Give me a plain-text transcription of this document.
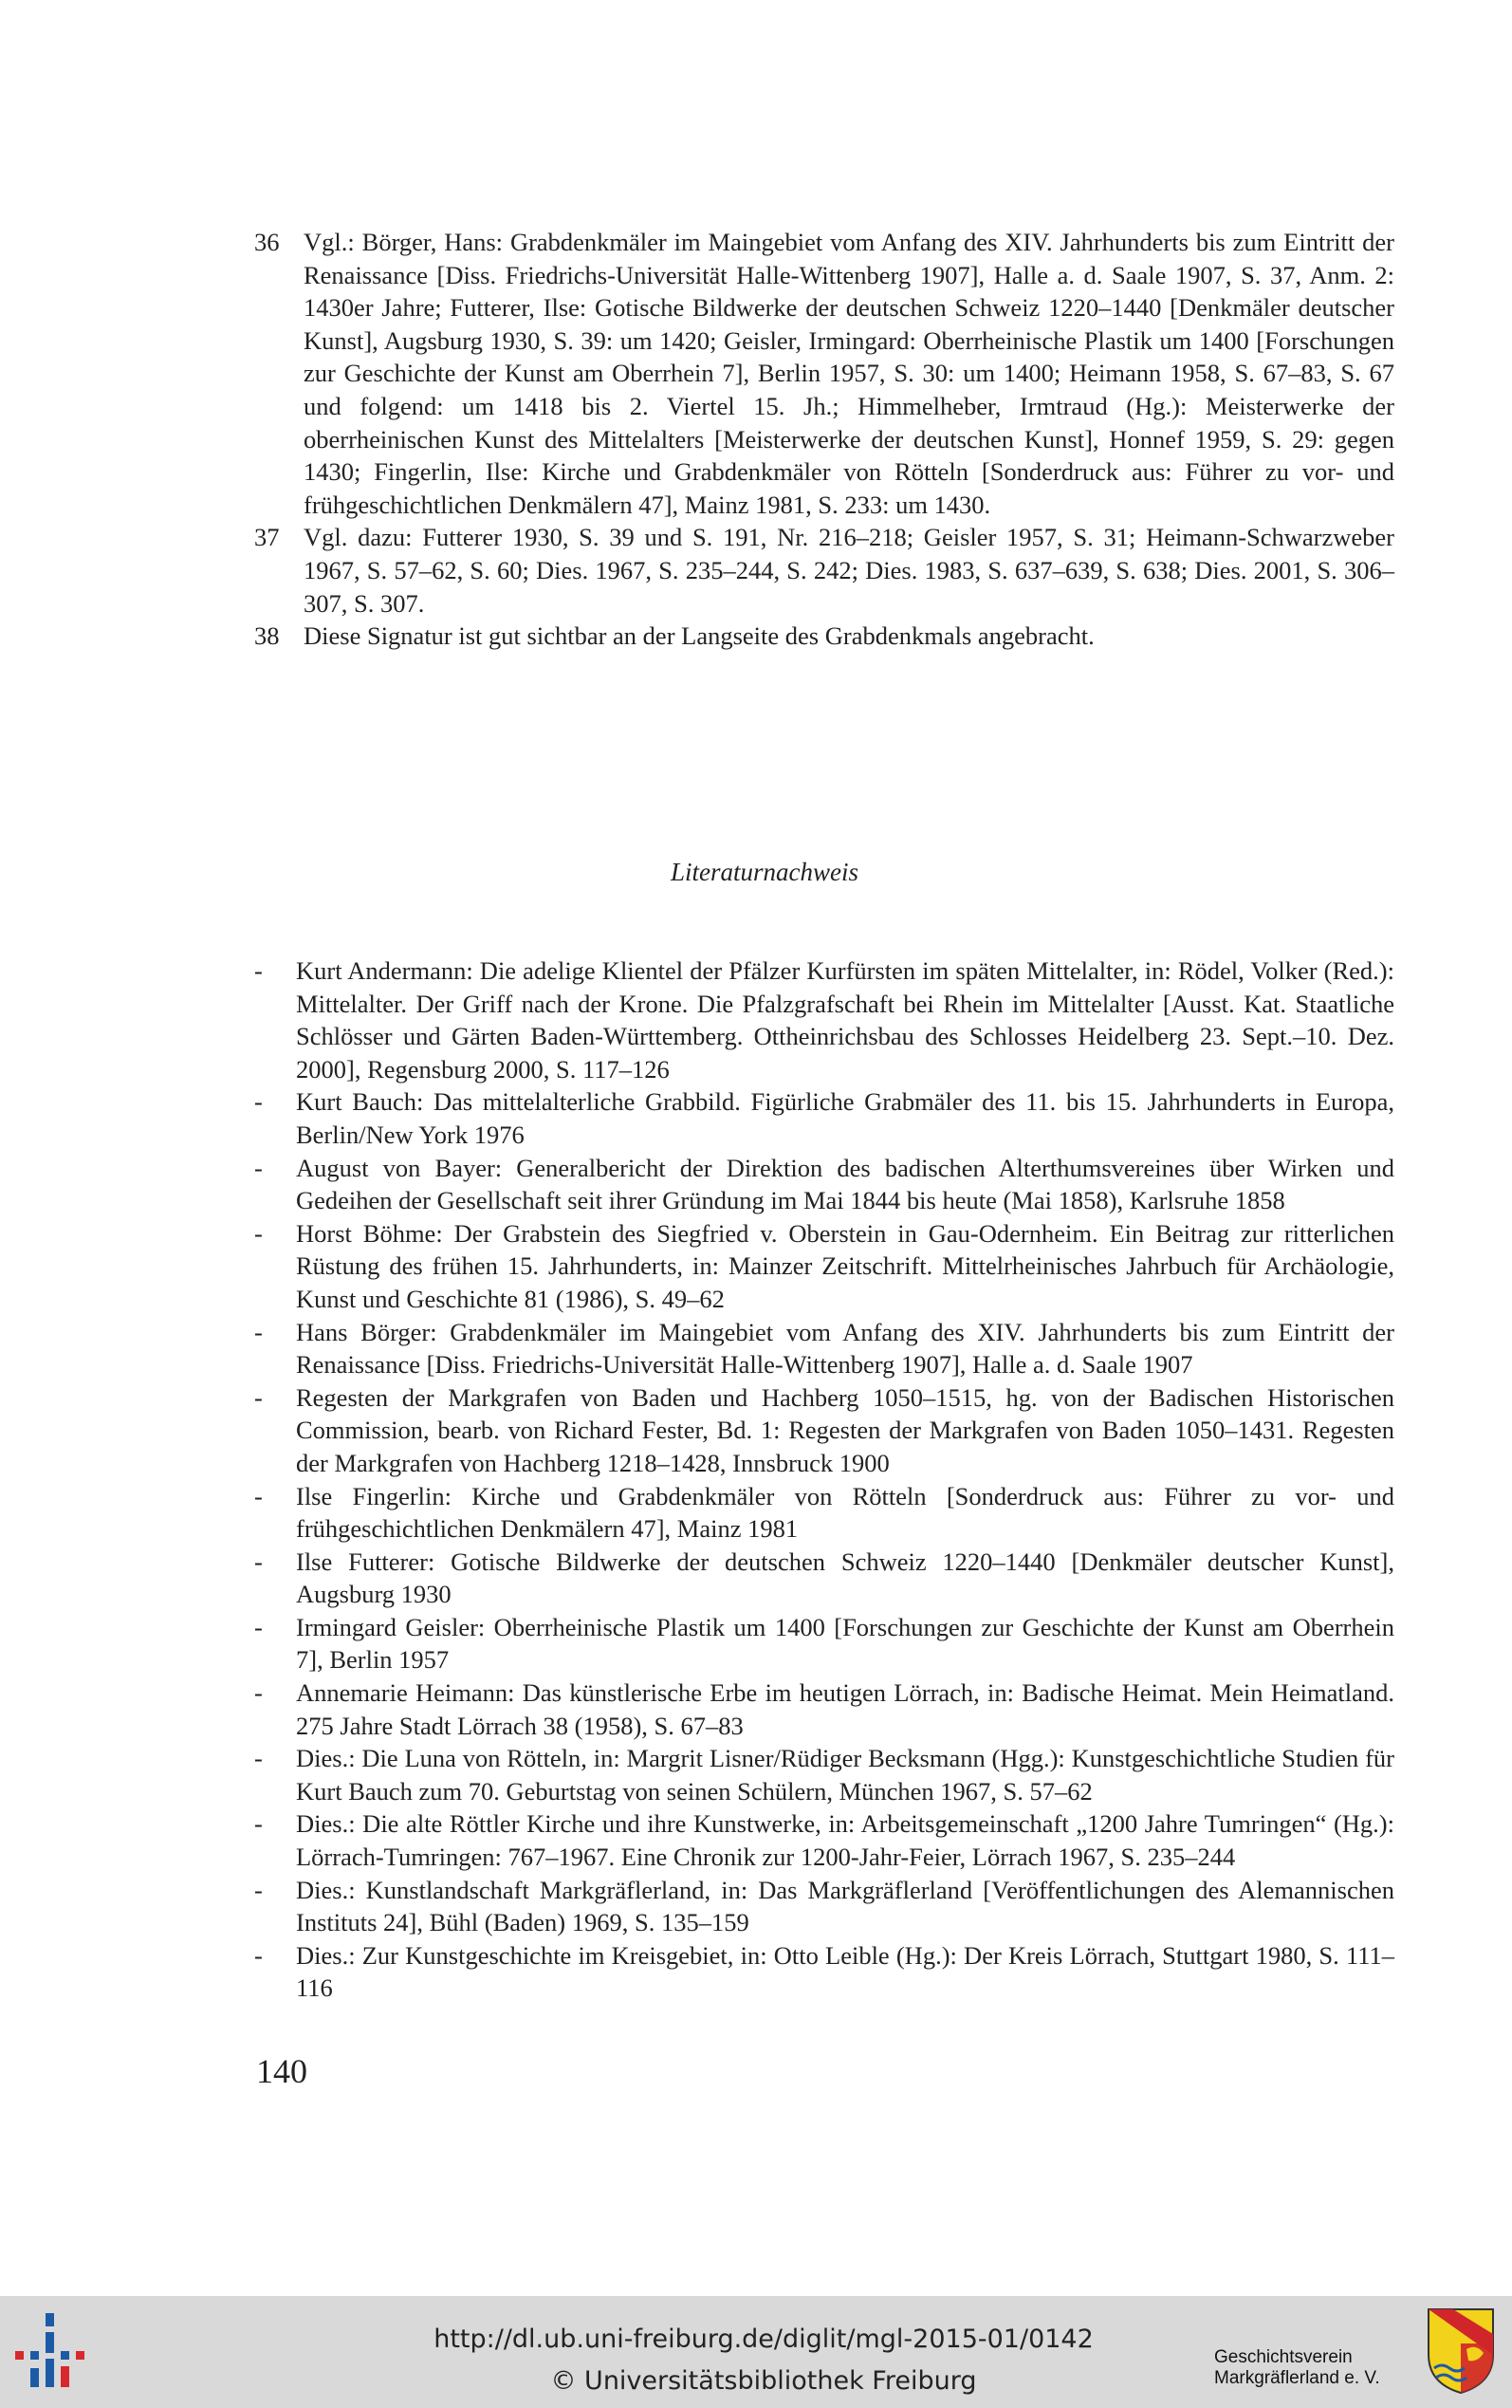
36 Vgl.: Börger, Hans: Grabdenkmäler im Maingebiet vom Anfang des XIV. Jahrhunderts bis zum Eintritt der Renaissance [Diss. Friedrichs-Universität Halle-Wittenberg 1907], Halle a. d. Saale 1907, S. 37, Anm. 2: 1430er Jahre; Futterer, Ilse: Gotische Bildwerke der deutschen Schweiz 1220–1440 [Denkmäler deutscher Kunst], Augsburg 1930, S. 39: um 1420; Geisler, Irmingard: Oberrheinische Plastik um 1400 [Forschungen zur Geschichte der Kunst am Oberrhein 7], Berlin 1957, S. 30: um 1400; Heimann 1958, S. 67–83, S. 67 und folgend: um 1418 bis 2. Viertel 15. Jh.; Himmelheber, Irmtraud (Hg.): Meisterwerke der oberrheinischen Kunst des Mittelalters [Meisterwerke der deutschen Kunst], Honnef 1959, S. 29: gegen 1430; Fingerlin, Ilse: Kirche und Grabdenkmäler von Rötteln [Sonderdruck aus: Führer zu vor- und frühgeschichtlichen Denkmälern 47], Mainz 1981, S. 233: um 1430.
37 Vgl. dazu: Futterer 1930, S. 39 und S. 191, Nr. 216–218; Geisler 1957, S. 31; Heimann-Schwarzweber 1967, S. 57–62, S. 60; Dies. 1967, S. 235–244, S. 242; Dies. 1983, S. 637–639, S. 638; Dies. 2001, S. 306–307, S. 307.
38 Diese Signatur ist gut sichtbar an der Langseite des Grabdenkmals angebracht.
Literaturnachweis
- Kurt Andermann: Die adelige Klientel der Pfälzer Kurfürsten im späten Mittelalter, in: Rödel, Volker (Red.): Mittelalter. Der Griff nach der Krone. Die Pfalzgrafschaft bei Rhein im Mittelalter [Ausst. Kat. Staatliche Schlösser und Gärten Baden-Württemberg. Ottheinrichsbau des Schlosses Heidelberg 23. Sept.–10. Dez. 2000], Regensburg 2000, S. 117–126
- Kurt Bauch: Das mittelalterliche Grabbild. Figürliche Grabmäler des 11. bis 15. Jahrhunderts in Europa, Berlin/New York 1976
- August von Bayer: Generalbericht der Direktion des badischen Alterthumsvereines über Wirken und Gedeihen der Gesellschaft seit ihrer Gründung im Mai 1844 bis heute (Mai 1858), Karlsruhe 1858
- Horst Böhme: Der Grabstein des Siegfried v. Oberstein in Gau-Odernheim. Ein Beitrag zur ritterlichen Rüstung des frühen 15. Jahrhunderts, in: Mainzer Zeitschrift. Mittelrheinisches Jahrbuch für Archäologie, Kunst und Geschichte 81 (1986), S. 49–62
- Hans Börger: Grabdenkmäler im Maingebiet vom Anfang des XIV. Jahrhunderts bis zum Eintritt der Renaissance [Diss. Friedrichs-Universität Halle-Wittenberg 1907], Halle a. d. Saale 1907
- Regesten der Markgrafen von Baden und Hachberg 1050–1515, hg. von der Badischen Historischen Commission, bearb. von Richard Fester, Bd. 1: Regesten der Markgrafen von Baden 1050–1431. Regesten der Markgrafen von Hachberg 1218–1428, Innsbruck 1900
- Ilse Fingerlin: Kirche und Grabdenkmäler von Rötteln [Sonderdruck aus: Führer zu vor- und frühgeschichtlichen Denkmälern 47], Mainz 1981
- Ilse Futterer: Gotische Bildwerke der deutschen Schweiz 1220–1440 [Denkmäler deutscher Kunst], Augsburg 1930
- Irmingard Geisler: Oberrheinische Plastik um 1400 [Forschungen zur Geschichte der Kunst am Oberrhein 7], Berlin 1957
- Annemarie Heimann: Das künstlerische Erbe im heutigen Lörrach, in: Badische Heimat. Mein Heimatland. 275 Jahre Stadt Lörrach 38 (1958), S. 67–83
- Dies.: Die Luna von Rötteln, in: Margrit Lisner/Rüdiger Becksmann (Hgg.): Kunstgeschichtliche Studien für Kurt Bauch zum 70. Geburtstag von seinen Schülern, München 1967, S. 57–62
- Dies.: Die alte Röttler Kirche und ihre Kunstwerke, in: Arbeitsgemeinschaft „1200 Jahre Tumringen“ (Hg.): Lörrach-Tumringen: 767–1967. Eine Chronik zur 1200-Jahr-Feier, Lörrach 1967, S. 235–244
- Dies.: Kunstlandschaft Markgräflerland, in: Das Markgräflerland [Veröffentlichungen des Alemannischen Instituts 24], Bühl (Baden) 1969, S. 135–159
- Dies.: Zur Kunstgeschichte im Kreisgebiet, in: Otto Leible (Hg.): Der Kreis Lörrach, Stuttgart 1980, S. 111–116
140
http://dl.ub.uni-freiburg.de/diglit/mgl-2015-01/0142
© Universitätsbibliothek Freiburg
Geschichtsverein
Markgräflerland e. V.
